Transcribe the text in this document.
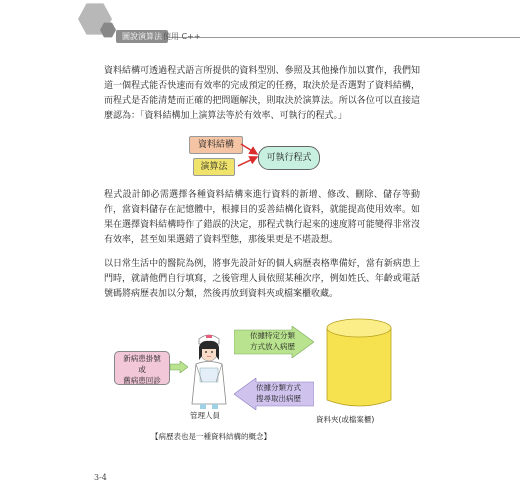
圖說演算法 使用 C++
資料結構可透過程式語言所提供的資料型別、參照及其他操作加以實作，我們知道一個程式能否快速而有效率的完成預定的任務，取決於是否選對了資料結構，而程式是否能清楚而正確的把問題解決，則取決於演算法。所以各位可以直接這麼認為：「資料結構加上演算法等於有效率、可執行的程式。」
資料結構
演算法
可執行程式
程式設計師必需選擇各種資料結構來進行資料的新增、修改、刪除、儲存等動作，當資料儲存在記憶體中，根據目的妥善結構化資料，就能提高使用效率。如果在選擇資料結構時作了錯誤的決定，那程式執行起來的速度將可能變得非常沒有效率，甚至如果選錯了資料型態，那後果更是不堪設想。
以日常生活中的醫院為例，將事先設計好的個人病歷表格準備好，當有新病患上門時，就請他們自行填寫，之後管理人員依照某種次序，例如姓氏、年齡或電話號碼將病歷表加以分類，然後再放到資料夾或檔案櫃收藏。
新病患掛號
或
舊病患回診
管理人員
依據特定分類
方式放入病歷
依據分類方式
搜尋取出病歷
資料夾(或檔案櫃)
【病歷表也是一種資料結構的概念】
3-4
